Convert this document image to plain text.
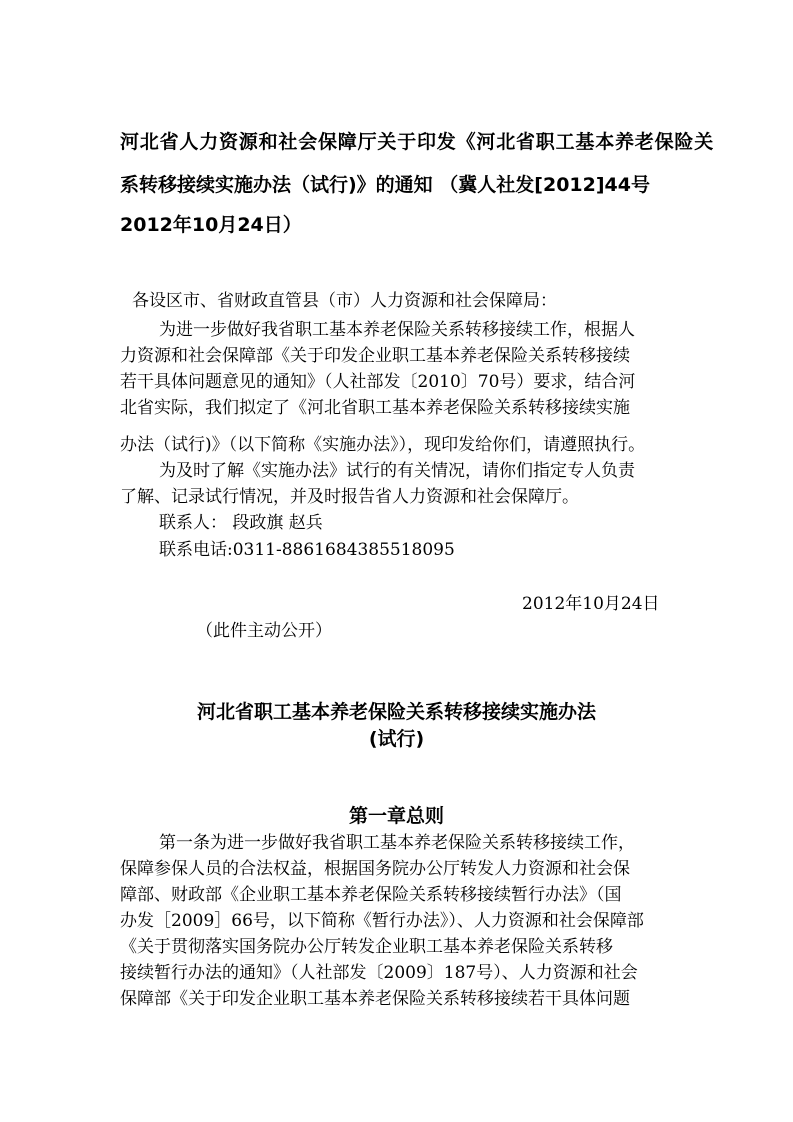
河北省人力资源和社会保障厅关于印发《河北省职工基本养老保险关
系转移接续实施办法（试行)》的通知 （冀人社发[2012]44号
2012年10月24日）
各设区市、省财政直管县（市）人力资源和社会保障局：
为进一步做好我省职工基本养老保险关系转移接续工作，根据人
力资源和社会保障部《关于印发企业职工基本养老保险关系转移接续
若干具体问题意见的通知》（人社部发〔2010〕70号）要求，结合河
北省实际，我们拟定了《河北省职工基本养老保险关系转移接续实施
办法（试行)》（以下简称《实施办法》），现印发给你们，请遵照执行。
为及时了解《实施办法》试行的有关情况，请你们指定专人负责
了解、记录试行情况，并及时报告省人力资源和社会保障厅。
联系人： 段政旗 赵兵
联系电话:0311-8861684385518095
2012年10月24日
（此件主动公开）
河北省职工基本养老保险关系转移接续实施办法
(试行)
第一章总则
第一条为进一步做好我省职工基本养老保险关系转移接续工作，
保障参保人员的合法权益，根据国务院办公厅转发人力资源和社会保
障部、财政部《企业职工基本养老保险关系转移接续暂行办法》（国
办发［2009］66号，以下简称《暂行办法》）、人力资源和社会保障部
《关于贯彻落实国务院办公厅转发企业职工基本养老保险关系转移
接续暂行办法的通知》（人社部发〔2009〕187号）、人力资源和社会
保障部《关于印发企业职工基本养老保险关系转移接续若干具体问题
